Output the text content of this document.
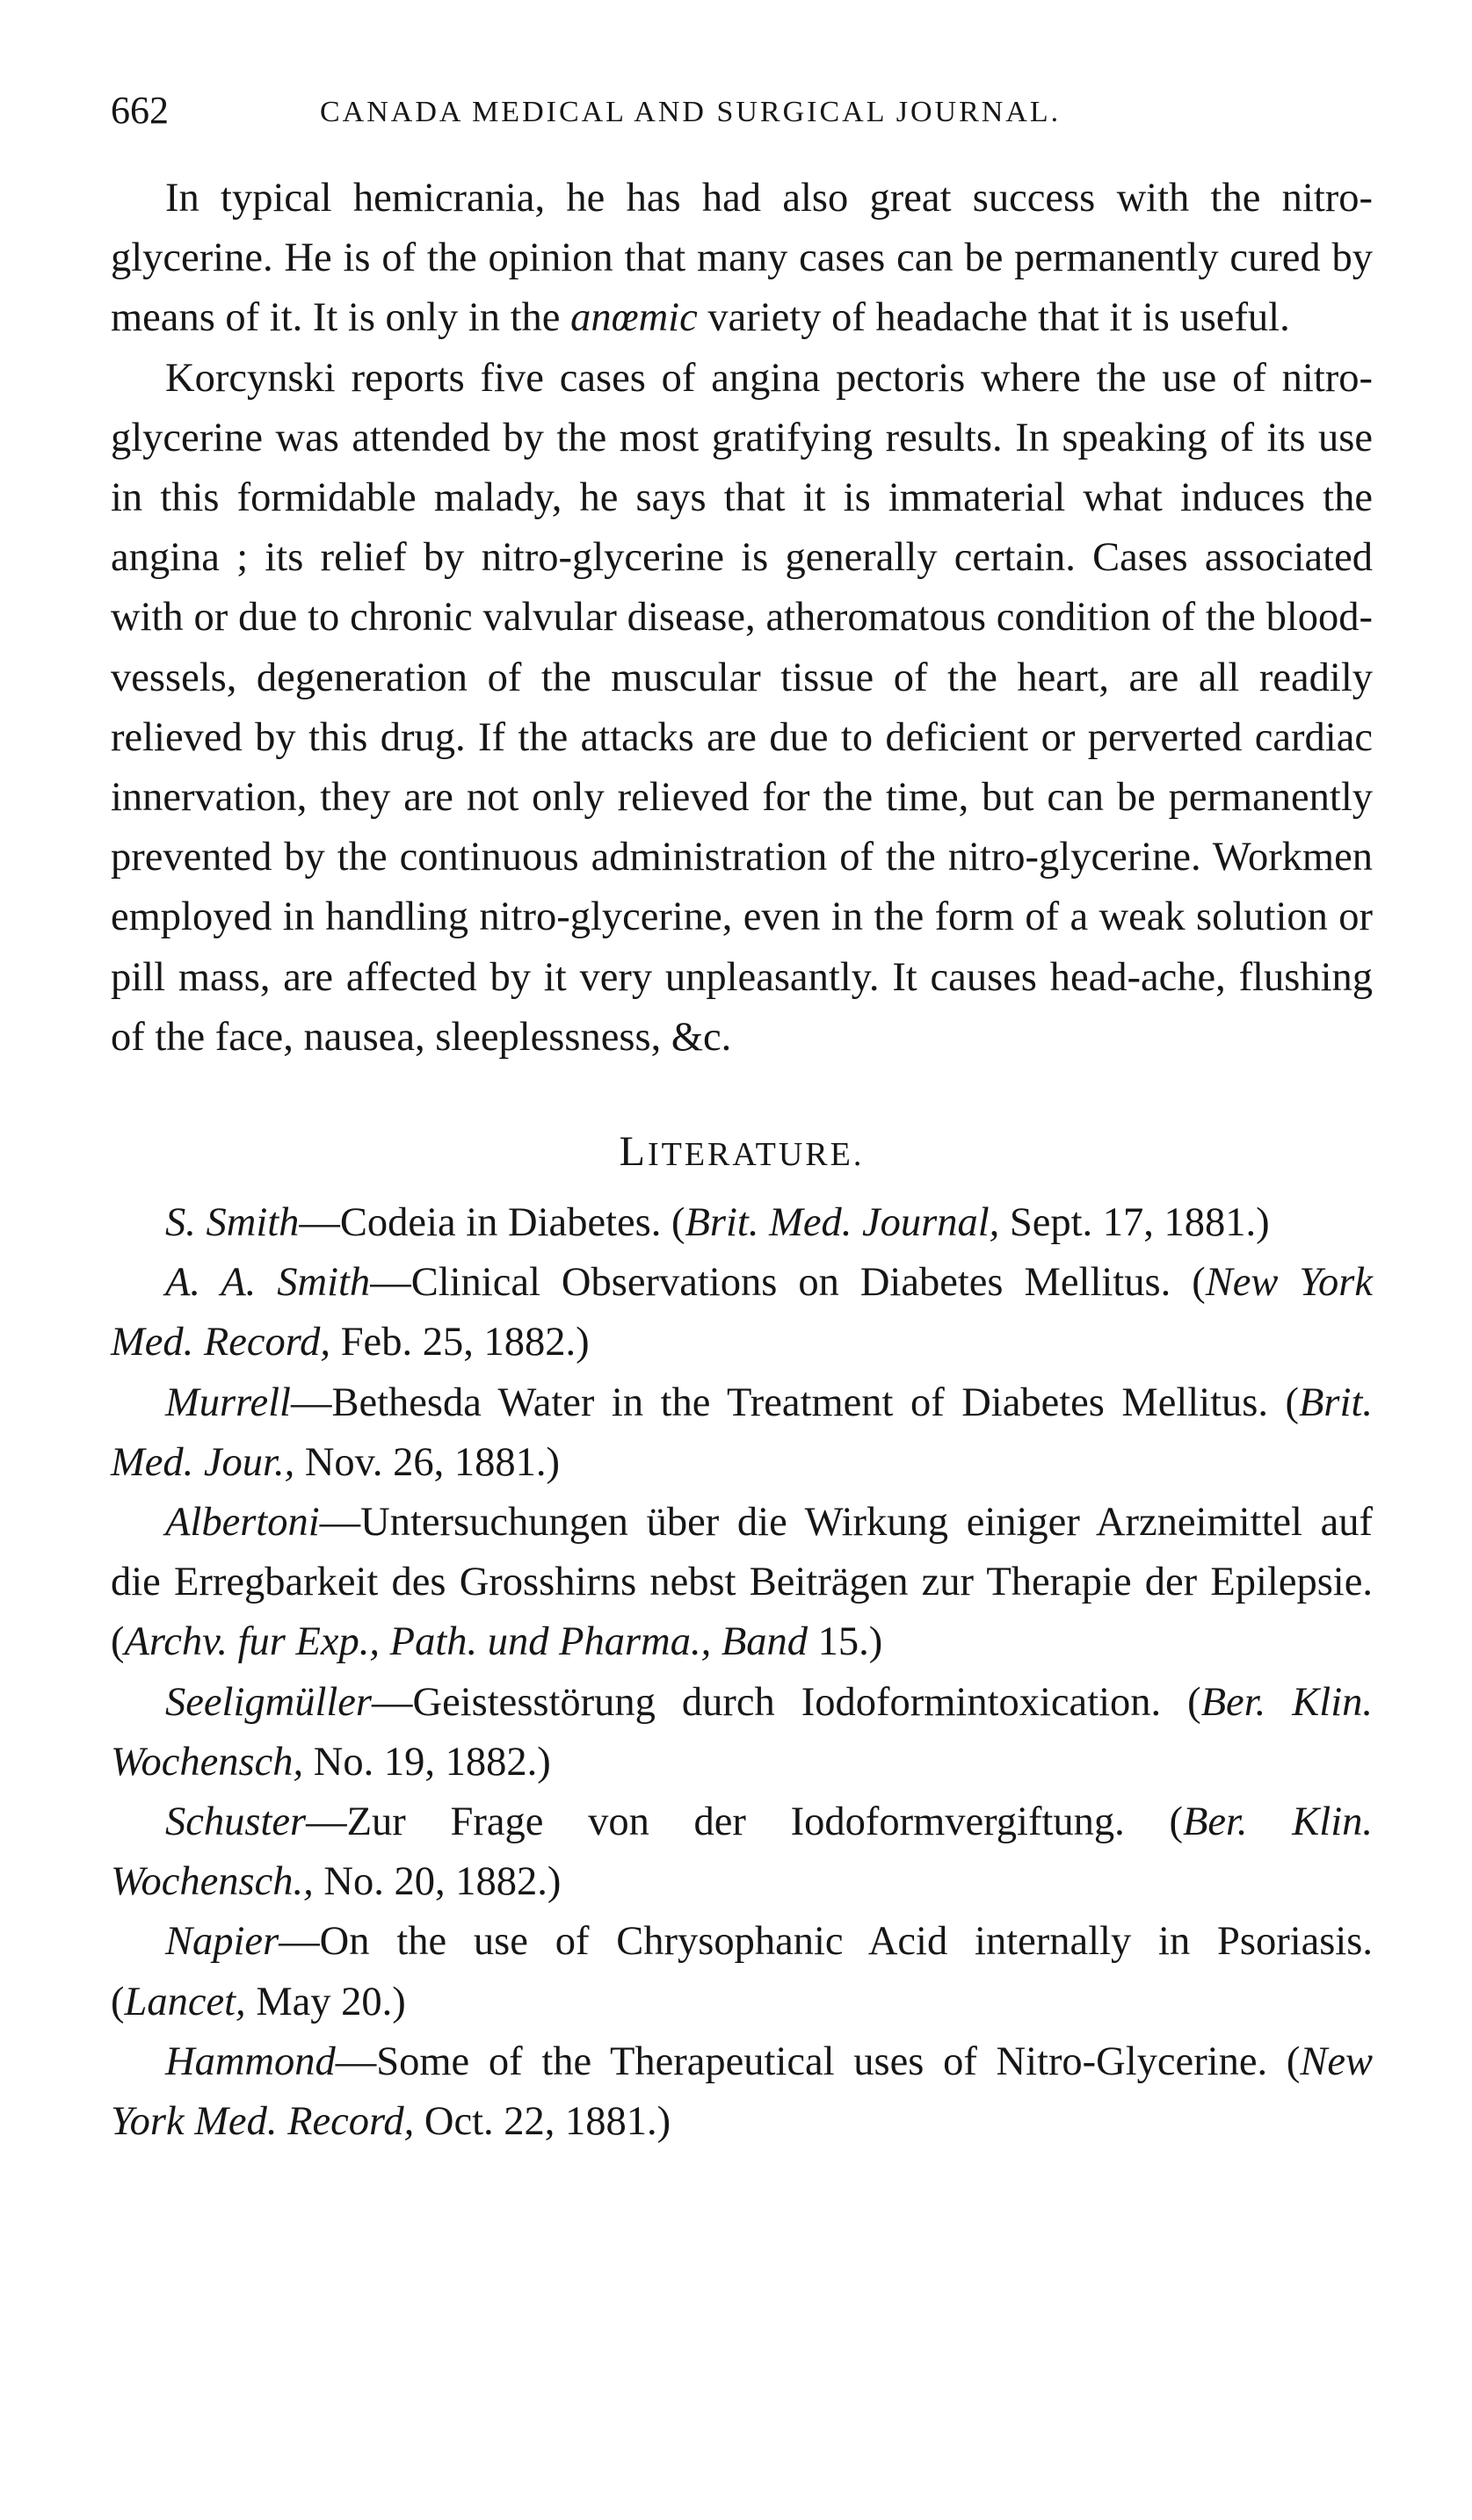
662	CANADA MEDICAL AND SURGICAL JOURNAL.

In typical hemicrania, he has had also great success with the nitro-glycerine. He is of the opinion that many cases can be permanently cured by means of it. It is only in the anœmic variety of headache that it is useful.

Korcynski reports five cases of angina pectoris where the use of nitro-glycerine was attended by the most gratifying results. In speaking of its use in this formidable malady, he says that it is immaterial what induces the angina ; its relief by nitro-glycerine is generally certain. Cases associated with or due to chronic valvular disease, atheromatous condition of the blood-vessels, degeneration of the muscular tissue of the heart, are all readily relieved by this drug. If the attacks are due to deficient or perverted cardiac innervation, they are not only relieved for the time, but can be permanently prevented by the continuous administration of the nitro-glycerine. Workmen employed in handling nitro-glycerine, even in the form of a weak solution or pill mass, are affected by it very unpleasantly. It causes head-ache, flushing of the face, nausea, sleeplessness, &c.

LITERATURE.

S. Smith—Codeia in Diabetes. (Brit. Med. Journal, Sept. 17, 1881.)

A. A. Smith—Clinical Observations on Diabetes Mellitus. (New York Med. Record, Feb. 25, 1882.)

Murrell—Bethesda Water in the Treatment of Diabetes Mellitus. (Brit. Med. Jour., Nov. 26, 1881.)

Albertoni—Untersuchungen über die Wirkung einiger Arzneimittel auf die Erregbarkeit des Grosshirns nebst Beiträgen zur Therapie der Epilepsie. (Archv. fur Exp., Path. und Pharma., Band 15.)

Seeligmüller—Geistesstörung durch Iodoformintoxication. (Ber. Klin. Wochensch, No. 19, 1882.)

Schuster—Zur Frage von der Iodoformvergiftung. (Ber. Klin. Wochensch., No. 20, 1882.)

Napier—On the use of Chrysophanic Acid internally in Psoriasis. (Lancet, May 20.)

Hammond—Some of the Therapeutical uses of Nitro-Glycerine. (New York Med. Record, Oct. 22, 1881.)
